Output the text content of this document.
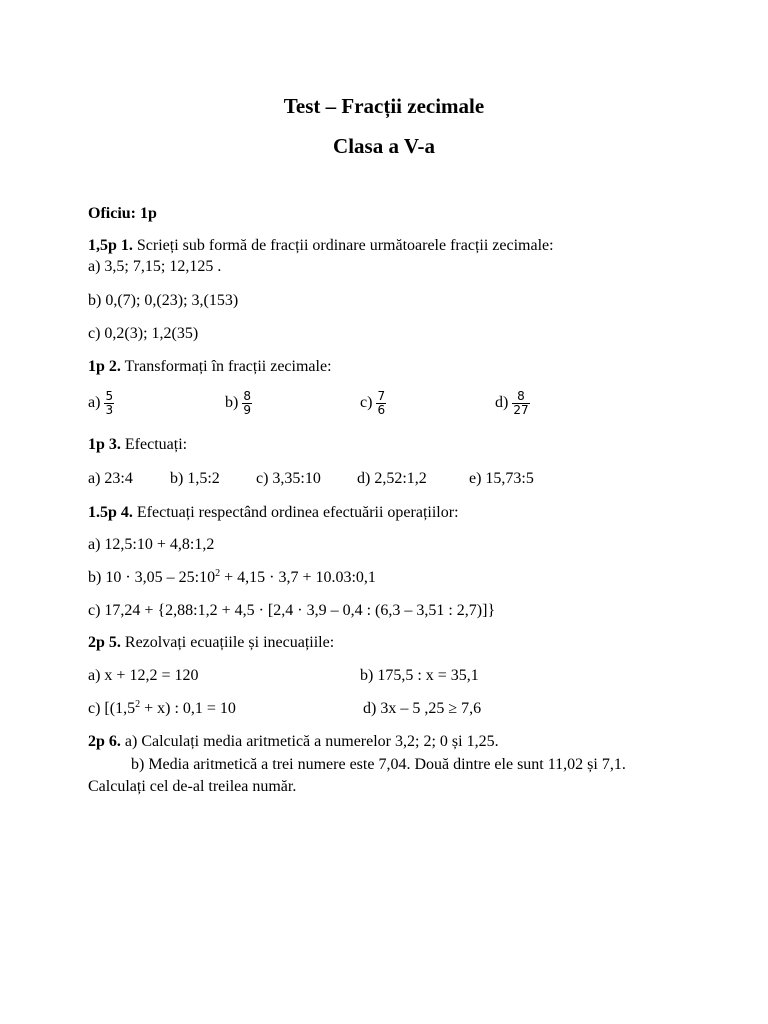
Test – Fracții zecimale
Clasa a V-a
Oficiu: 1p
1,5p 1. Scrieți sub formă de fracții ordinare următoarele fracții zecimale:
a) 3,5; 7,15; 12,125 .
b) 0,(7); 0,(23); 3,(153)
c) 0,2(3); 1,2(35)
1p 2. Transformați în fracții zecimale:
$a) \frac{5}{3}$	$b) \frac{8}{9}$	$c) \frac{7}{6}$	$d) \frac{8}{27}$
1p 3. Efectuați:
a) 23:4 b) 1,5:2 c) 3,35:10 d) 2,52:1,2	e) 15,73:5
1.5p 4. Efectuați respectând ordinea efectuării operațiilor:
a) 12,5:10 + 4,8:1,2
b) $10 \cdot 3,05 - 25:10^2 + 4,15 \cdot 3,7$ + 10.03:0,1
c) 17,24 + {2,88:1,2 + 4,5 · [2,4 · 3,9 – 0,4 : (6,3 – 3,51 : 2,7)]}
2p 5. Rezolvați ecuațiile și inecuațiile:
a) x + 12,2 = 120	b) 175,5 : x = 35,1
c) [$(1,5^2 + x)$ : 0,1 = 10	d) 3x – 5 ,25 ≥ 7,6
2p 6. a) Calculați media aritmetică a numerelor 3,2; 2; 0 și 1,25.
b) Media aritmetică a trei numere este 7,04. Două dintre ele sunt 11,02 și 7,1.
Calculați cel de-al treilea număr.
